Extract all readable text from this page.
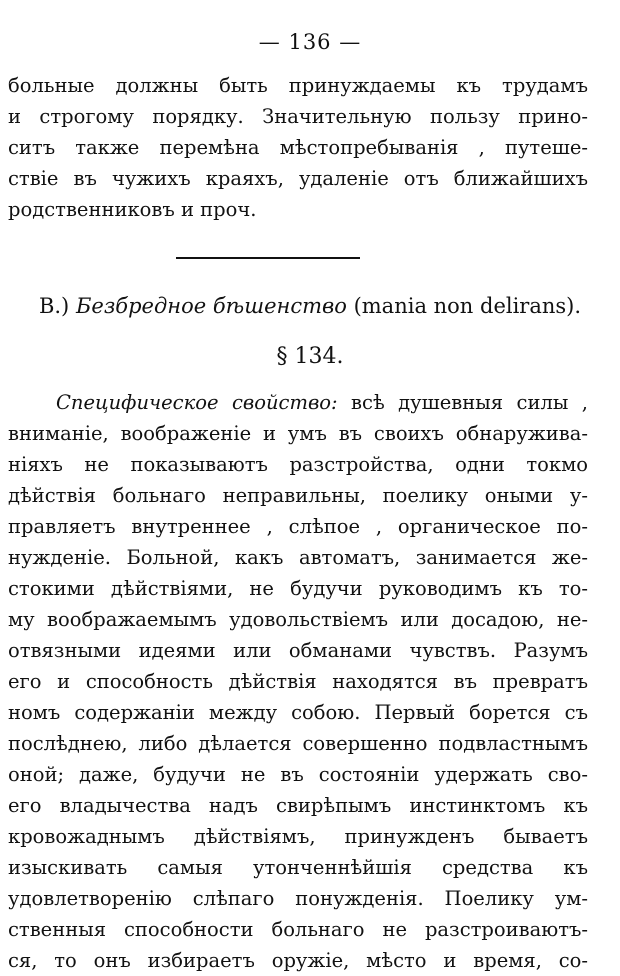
— 136 —
больные должны быть принуждаемы къ трудамъ
и строгому порядку. Значительную пользу прино-
ситъ также перемѣна мѣстопребыванія , путеше-
ствіе въ чужихъ краяхъ, удаленіе отъ ближайшихъ
родственниковъ и проч.
В.) Безбредное бѣшенство (mania non delirans).
§ 134.
Специфическое свойство: всѣ душевныя силы ,
вниманіе, воображеніе и умъ въ своихъ обнаружива-
ніяхъ не показываютъ разстройства, одни токмо
дѣйствія больнаго неправильны, поелику оными у-
правляетъ внутреннее , слѣпое , органическое по-
нужденіе. Больной, какъ автоматъ, занимается же-
стокими дѣйствіями, не будучи руководимъ къ то-
му воображаемымъ удовольствіемъ или досадою, не-
отвязными идеями или обманами чувствъ. Разумъ
его и способность дѣйствія находятся въ превратъ
номъ содержаніи между собою. Первый борется съ
послѣднею, либо дѣлается совершенно подвластнымъ
оной; даже, будучи не въ состояніи удержать сво-
его владычества надъ свирѣпымъ инстинктомъ къ
кровожаднымъ дѣйствіямъ, принужденъ бываетъ
изыскивать самыя утонченнѣйшія средства къ
удовлетворенію слѣпаго понужденія. Поелику ум-
ственныя способности больнаго не разстроиваютъ-
ся, то онъ избираетъ оружіе, мѣсто и время, со-
